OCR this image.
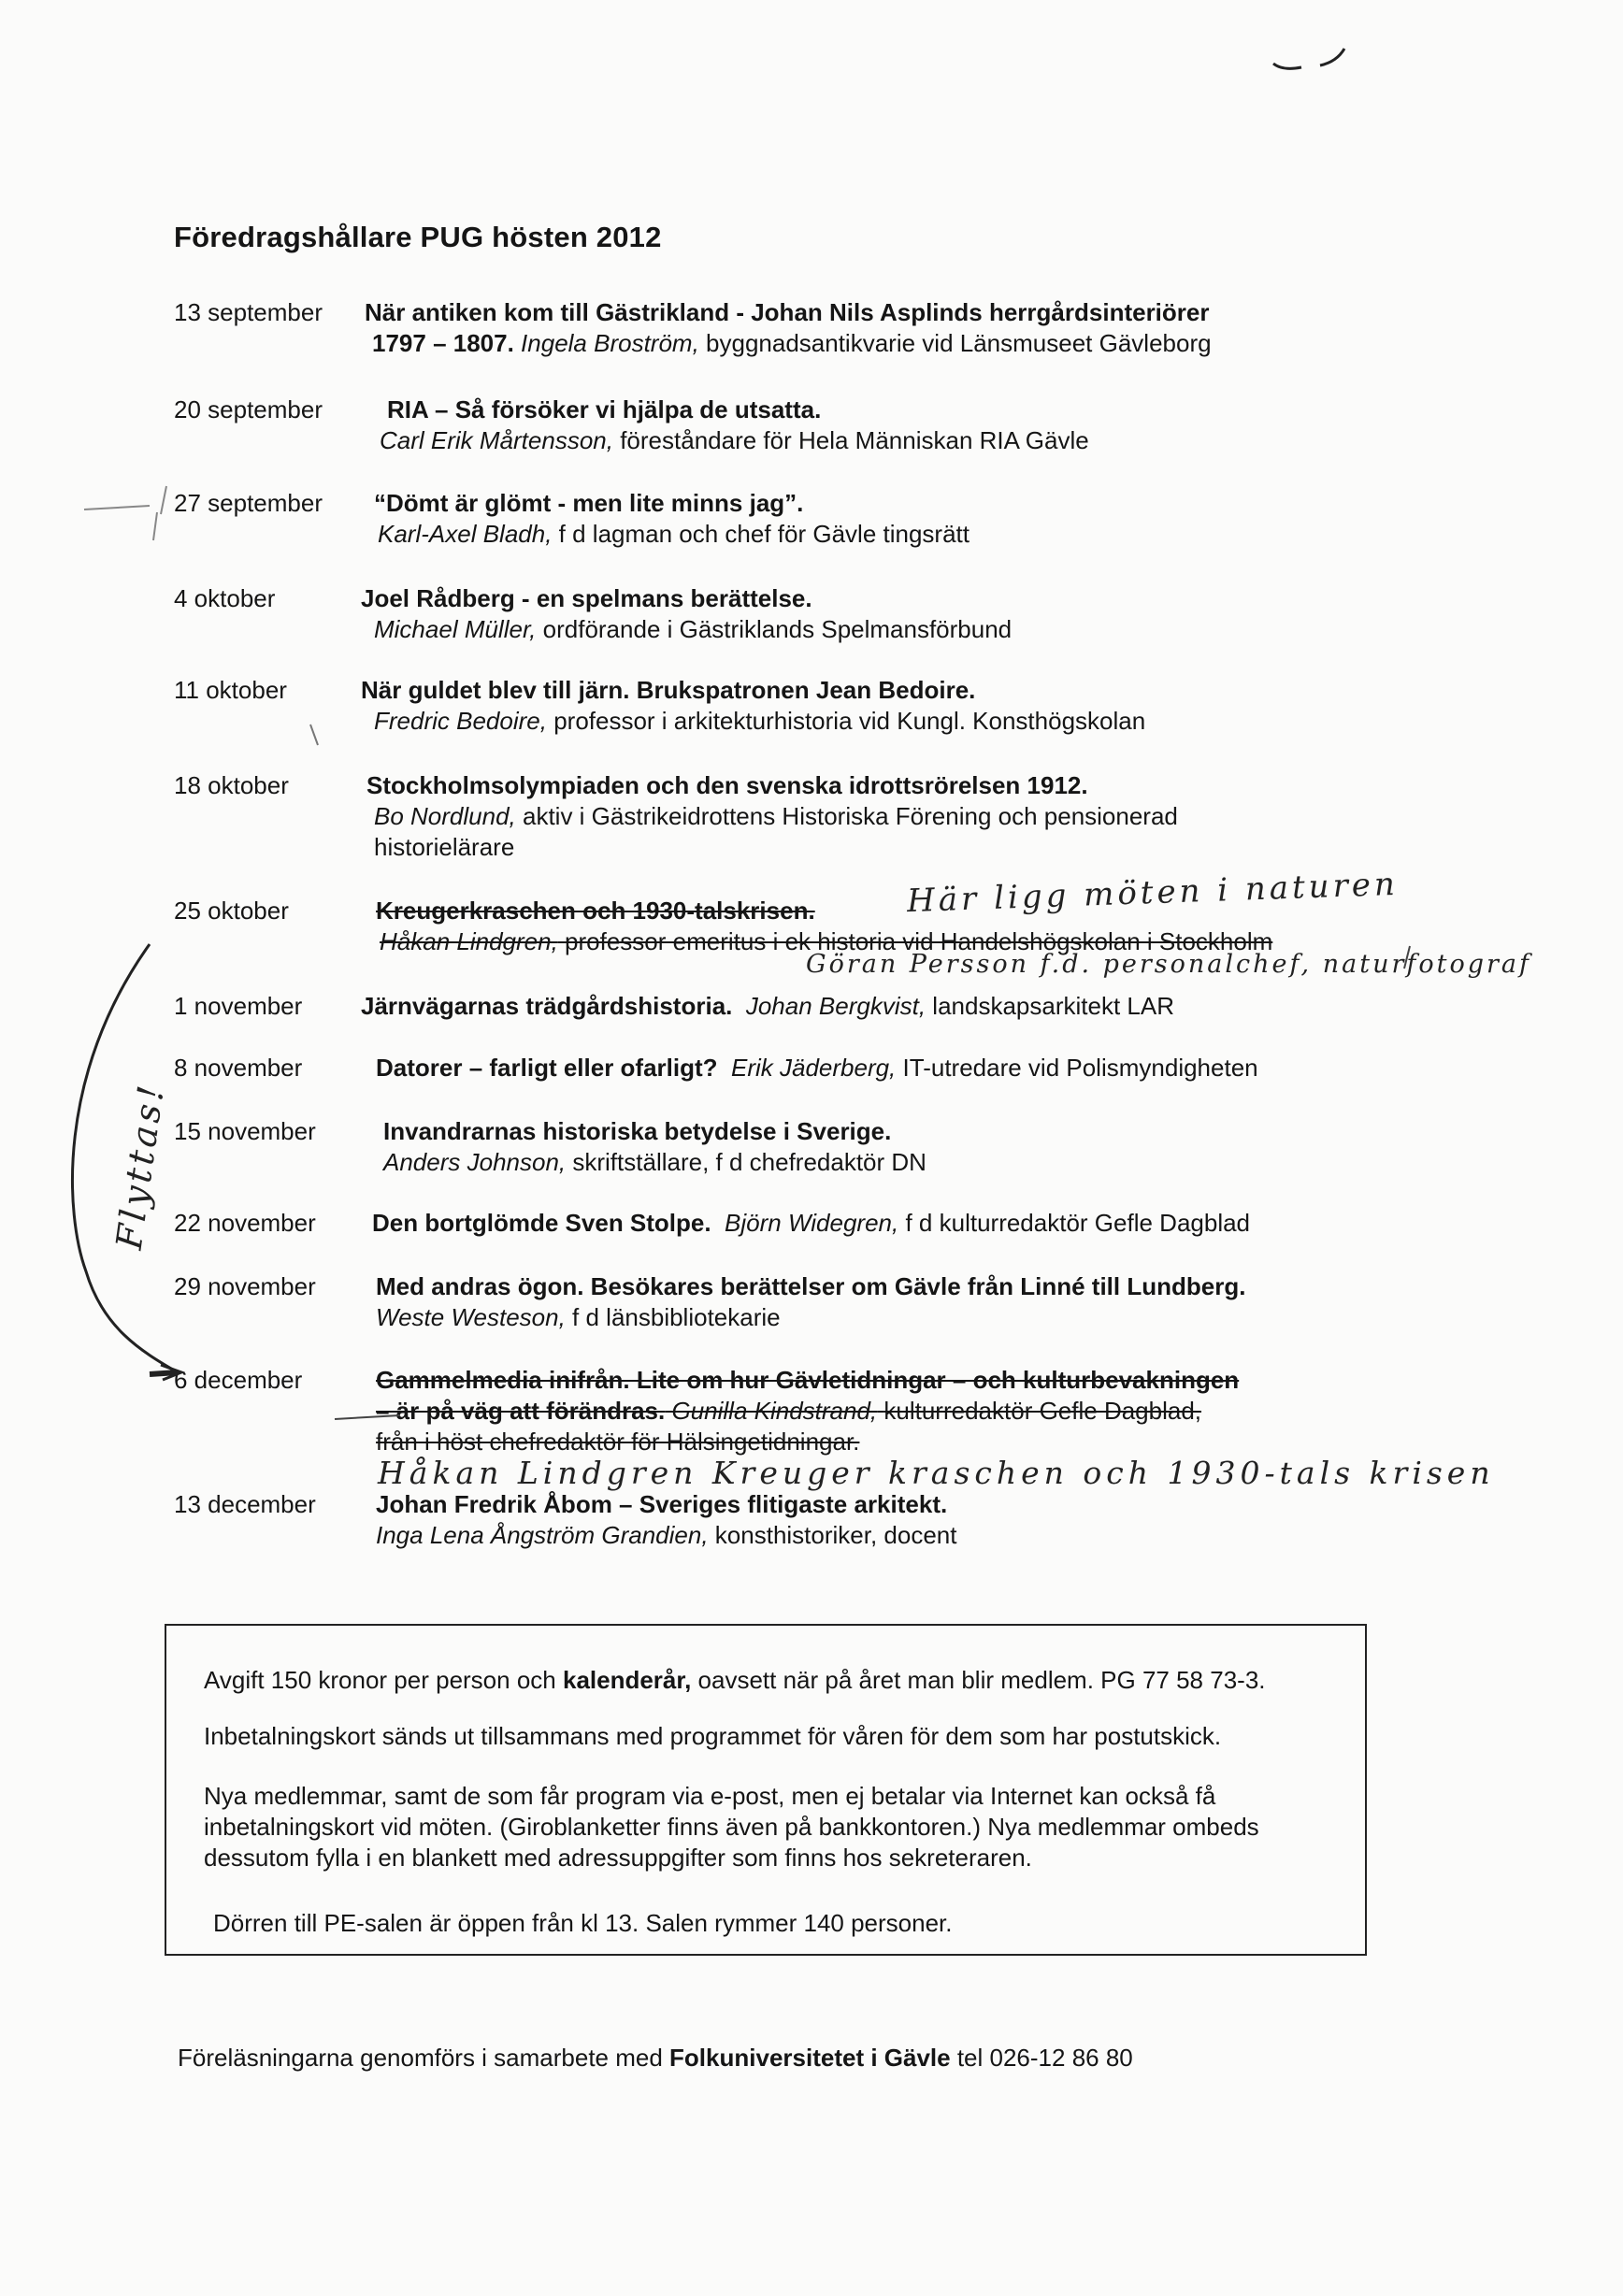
Föredragshållare PUG hösten 2012
13 september	När antiken kom till Gästrikland - Johan Nils Asplinds herrgårdsinteriörer
1797 – 1807. Ingela Broström, byggnadsantikvarie vid Länsmuseet Gävleborg
20 september	RIA – Så försöker vi hjälpa de utsatta.
Carl Erik Mårtensson, föreståndare för Hela Människan RIA Gävle
27 september	“Dömt är glömt - men lite minns jag”.
Karl-Axel Bladh, f d lagman och chef för Gävle tingsrätt
4 oktober	Joel Rådberg - en spelmans berättelse.
Michael Müller, ordförande i Gästriklands Spelmansförbund
11 oktober	När guldet blev till järn. Brukspatronen Jean Bedoire.
Fredric Bedoire, professor i arkitekturhistoria vid Kungl. Konsthögskolan
18 oktober	Stockholmsolympiaden och den svenska idrottsrörelsen 1912.
Bo Nordlund, aktiv i Gästrikeidrottens Historiska Förening och pensionerad
historielärare
25 oktober	Kreugerkraschen och 1930-talskrisen.
Håkan Lindgren, professor emeritus i ek historia vid Handelshögskolan i Stockholm
1 november	Järnvägarnas trädgårdshistoria. Johan Bergkvist, landskapsarkitekt LAR
8 november	Datorer – farligt eller ofarligt? Erik Jäderberg, IT-utredare vid Polismyndigheten
15 november	Invandrarnas historiska betydelse i Sverige.
Anders Johnson, skriftställare, f d chefredaktör DN
22 november	Den bortglömde Sven Stolpe. Björn Widegren, f d kulturredaktör Gefle Dagblad
29 november	Med andras ögon. Besökares berättelser om Gävle från Linné till Lundberg.
Weste Westeson, f d länsbibliotekarie
6 december	Gammelmedia inifrån. Lite om hur Gävletidningar – och kulturbevakningen
– är på väg att förändras. Gunilla Kindstrand, kulturredaktör Gefle Dagblad,
från i höst chefredaktör för Hälsingetidningar.
13 december	Johan Fredrik Åbom – Sveriges flitigaste arkitekt.
Inga Lena Ångström Grandien, konsthistoriker, docent
Här ligg möten i naturen
Göran Persson f.d. personalchef, naturfotograf
Flyttas!
Håkan Lindgren Kreuger kraschen och 1930-tals krisen

Avgift 150 kronor per person och kalenderår, oavsett när på året man blir medlem. PG 77 58 73-3.

Inbetalningskort sänds ut tillsammans med programmet för våren för dem som har postutskick.

Nya medlemmar, samt de som får program via e-post, men ej betalar via Internet kan också få inbetalningskort vid möten. (Giroblanketter finns även på bankkontoren.) Nya medlemmar ombeds dessutom fylla i en blankett med adressuppgifter som finns hos sekreteraren.

Dörren till PE-salen är öppen från kl 13. Salen rymmer 140 personer.

Föreläsningarna genomförs i samarbete med Folkuniversitetet i Gävle tel 026-12 86 80
